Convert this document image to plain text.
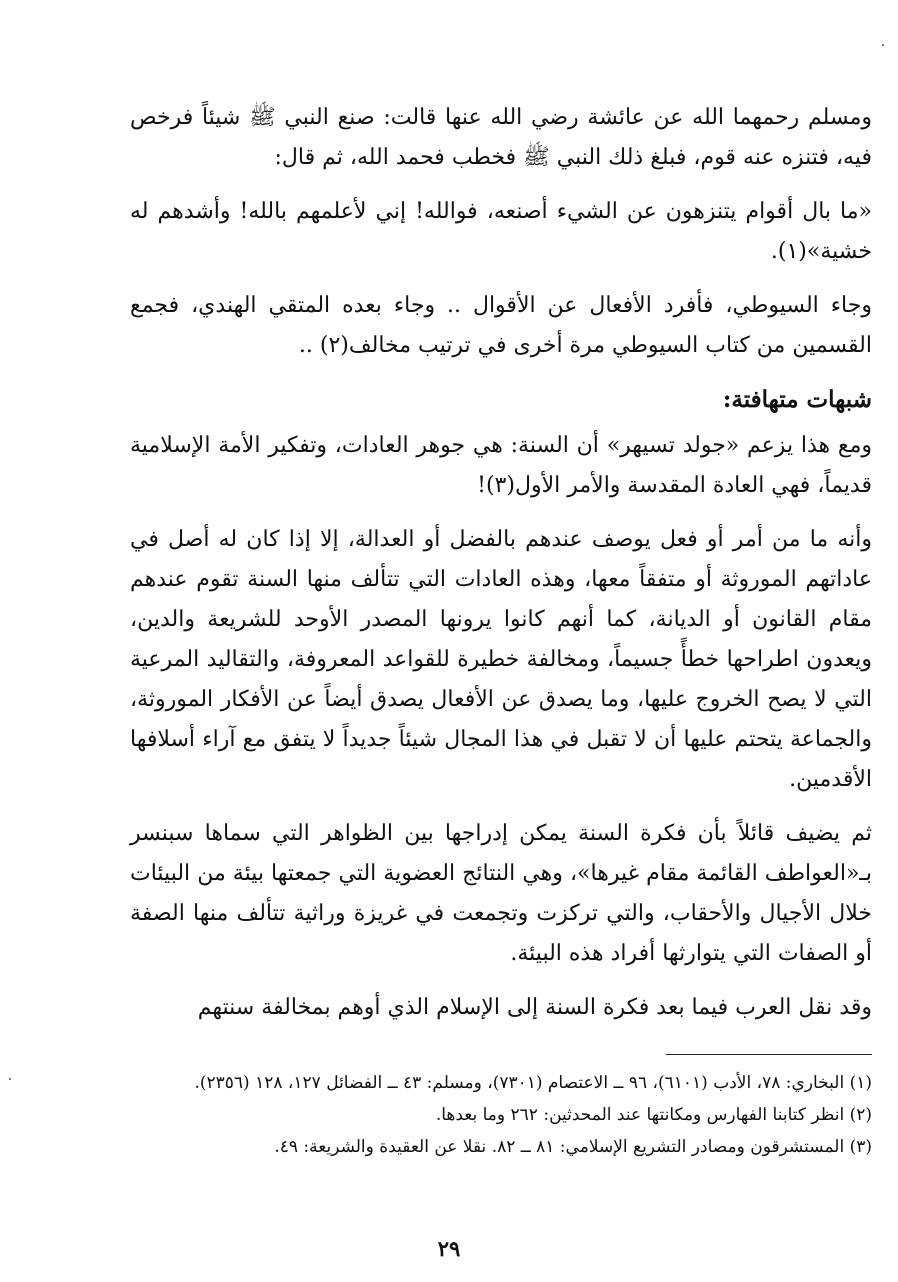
ومسلم رحمهما الله عن عائشة رضي الله عنها قالت: صنع النبي ﷺ شيئاً فرخص فيه، فتنزه عنه قوم، فبلغ ذلك النبي ﷺ فخطب فحمد الله، ثم قال:

«ما بال أقوام يتنزهون عن الشيء أصنعه، فوالله! إني لأعلمهم بالله! وأشدهم له خشية»(١).

وجاء السيوطي، فأفرد الأفعال عن الأقوال .. وجاء بعده المتقي الهندي، فجمع القسمين من كتاب السيوطي مرة أخرى في ترتيب مخالف(٢) ..

شبهات متهافتة:

ومع هذا يزعم «جولد تسيهر» أن السنة: هي جوهر العادات، وتفكير الأمة الإسلامية قديماً، فهي العادة المقدسة والأمر الأول(٣)!

وأنه ما من أمر أو فعل يوصف عندهم بالفضل أو العدالة، إلا إذا كان له أصل في عاداتهم الموروثة أو متفقاً معها، وهذه العادات التي تتألف منها السنة تقوم عندهم مقام القانون أو الديانة، كما أنهم كانوا يرونها المصدر الأوحد للشريعة والدين، ويعدون اطراحها خطأً جسيماً، ومخالفة خطيرة للقواعد المعروفة، والتقاليد المرعية التي لا يصح الخروج عليها، وما يصدق عن الأفعال يصدق أيضاً عن الأفكار الموروثة، والجماعة يتحتم عليها أن لا تقبل في هذا المجال شيئاً جديداً لا يتفق مع آراء أسلافها الأقدمين.

ثم يضيف قائلاً بأن فكرة السنة يمكن إدراجها بين الظواهر التي سماها سبنسر بـ«العواطف القائمة مقام غيرها»، وهي النتائج العضوية التي جمعتها بيئة من البيئات خلال الأجيال والأحقاب، والتي تركزت وتجمعت في غريزة وراثية تتألف منها الصفة أو الصفات التي يتوارثها أفراد هذه البيئة.

وقد نقل العرب فيما بعد فكرة السنة إلى الإسلام الذي أوهم بمخالفة سنتهم

(١) البخاري: ٧٨، الأدب (٦١٠١)، ٩٦ ــ الاعتصام (٧٣٠١)، ومسلم: ٤٣ ــ الفضائل ١٢٧، ١٢٨ (٢٣٥٦).

(٢) انظر كتابنا الفهارس ومكانتها عند المحدثين: ٢٦٢ وما بعدها.

(٣) المستشرقون ومصادر التشريع الإسلامي: ٨١ ــ ٨٢. نقلا عن العقيدة والشريعة: ٤٩.

٢٩
